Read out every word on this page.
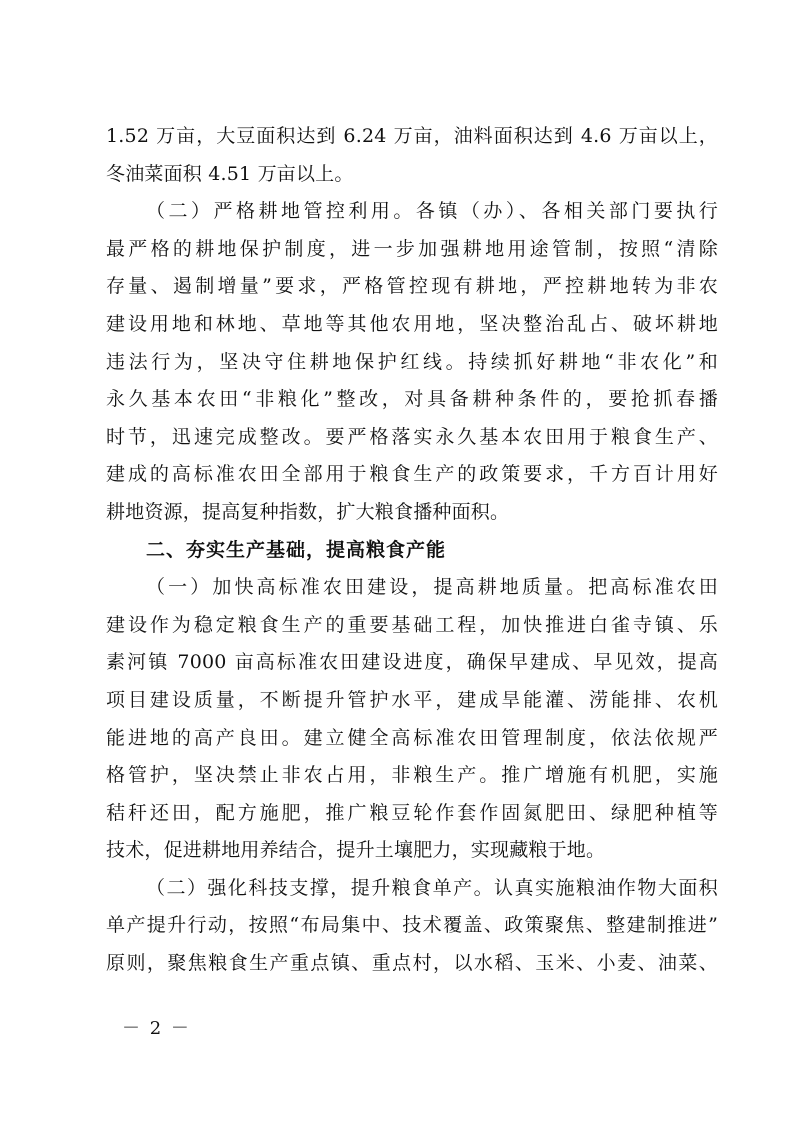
1.52 万亩，大豆面积达到 6.24 万亩，油料面积达到 4.6 万亩以上，
冬油菜面积 4.51 万亩以上。
（二）严格耕地管控利用。各镇（办）、各相关部门要执行
最严格的耕地保护制度，进一步加强耕地用途管制，按照“清除
存量、遏制增量”要求，严格管控现有耕地，严控耕地转为非农
建设用地和林地、草地等其他农用地，坚决整治乱占、破坏耕地
违法行为，坚决守住耕地保护红线。持续抓好耕地“非农化”和
永久基本农田“非粮化”整改，对具备耕种条件的，要抢抓春播
时节，迅速完成整改。要严格落实永久基本农田用于粮食生产、
建成的高标准农田全部用于粮食生产的政策要求，千方百计用好
耕地资源，提高复种指数，扩大粮食播种面积。
二、夯实生产基础，提高粮食产能
（一）加快高标准农田建设，提高耕地质量。把高标准农田
建设作为稳定粮食生产的重要基础工程，加快推进白雀寺镇、乐
素河镇 7000 亩高标准农田建设进度，确保早建成、早见效，提高
项目建设质量，不断提升管护水平，建成旱能灌、涝能排、农机
能进地的高产良田。建立健全高标准农田管理制度，依法依规严
格管护，坚决禁止非农占用，非粮生产。推广增施有机肥，实施
秸秆还田，配方施肥，推广粮豆轮作套作固氮肥田、绿肥种植等
技术，促进耕地用养结合，提升土壤肥力，实现藏粮于地。
（二）强化科技支撑，提升粮食单产。认真实施粮油作物大面积
单产提升行动，按照“布局集中、技术覆盖、政策聚焦、整建制推进”
原则，聚焦粮食生产重点镇、重点村，以水稻、玉米、小麦、油菜、
－ 2 －
